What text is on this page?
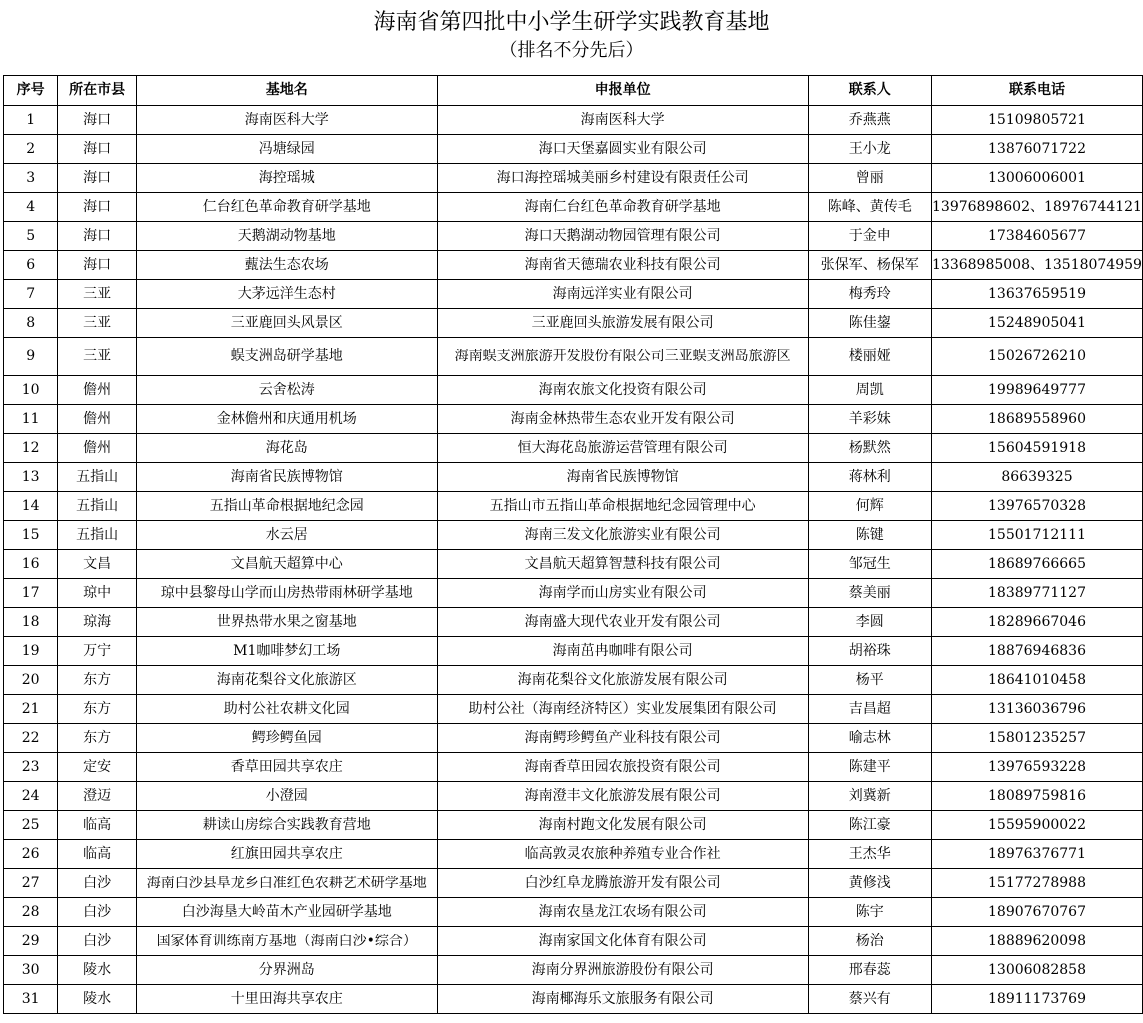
海南省第四批中小学生研学实践教育基地
（排名不分先后）
序号	所在市县	基地名	申报单位	联系人	联系电话
1	海口	海南医科大学	海南医科大学	乔燕燕	15109805721
2	海口	冯塘绿园	海口天堡嘉圆实业有限公司	王小龙	13876071722
3	海口	海控瑶城	海口海控瑶城美丽乡村建设有限责任公司	曾丽	13006006001
4	海口	仁台红色革命教育研学基地	海南仁台红色革命教育研学基地	陈峰、黄传毛	13976898602、18976744121
5	海口	天鹅湖动物基地	海口天鹅湖动物园管理有限公司	于金申	17384605677
6	海口	薽法生态农场	海南省天德瑞农业科技有限公司	张保军、杨保军	13368985008、13518074959
7	三亚	大茅远洋生态村	海南远洋实业有限公司	梅秀玲	13637659519
8	三亚	三亚鹿回头风景区	三亚鹿回头旅游发展有限公司	陈佳鋆	15248905041
9	三亚	蜈支洲岛研学基地	海南蜈支洲旅游开发股份有限公司三亚蜈支洲岛旅游区	楼丽娅	15026726210
10	儋州	云舍松涛	海南农旅文化投资有限公司	周凯	19989649777
11	儋州	金林儋州和庆通用机场	海南金林热带生态农业开发有限公司	羊彩妹	18689558960
12	儋州	海花岛	恒大海花岛旅游运营管理有限公司	杨默然	15604591918
13	五指山	海南省民族博物馆	海南省民族博物馆	蒋林利	86639325
14	五指山	五指山革命根据地纪念园	五指山市五指山革命根据地纪念园管理中心	何辉	13976570328
15	五指山	水云居	海南三发文化旅游实业有限公司	陈键	15501712111
16	文昌	文昌航天超算中心	文昌航天超算智慧科技有限公司	邹冠生	18689766665
17	琼中	琼中县黎母山学而山房热带雨林研学基地	海南学而山房实业有限公司	蔡美丽	18389771127
18	琼海	世界热带水果之窗基地	海南盛大现代农业开发有限公司	李圆	18289667046
19	万宁	M1咖啡梦幻工场	海南茁冉咖啡有限公司	胡裕珠	18876946836
20	东方	海南花梨谷文化旅游区	海南花梨谷文化旅游发展有限公司	杨平	18641010458
21	东方	助村公社农耕文化园	助村公社（海南经济特区）实业发展集团有限公司	吉昌超	13136036796
22	东方	鳄珍鳄鱼园	海南鳄珍鳄鱼产业科技有限公司	喻志林	15801235257
23	定安	香草田园共享农庄	海南香草田园农旅投资有限公司	陈建平	13976593228
24	澄迈	小澄园	海南澄丰文化旅游发展有限公司	刘冀新	18089759816
25	临高	耕读山房综合实践教育营地	海南村跑文化发展有限公司	陈江豪	15595900022
26	临高	红旗田园共享农庄	临高敦灵农旅种养殖专业合作社	王杰华	18976376771
27	白沙	海南白沙县阜龙乡白准红色农耕艺术研学基地	白沙红阜龙腾旅游开发有限公司	黄修浅	15177278988
28	白沙	白沙海垦大岭苗木产业园研学基地	海南农垦龙江农场有限公司	陈宇	18907670767
29	白沙	国家体育训练南方基地（海南白沙•综合）	海南家国文化体育有限公司	杨治	18889620098
30	陵水	分界洲岛	海南分界洲旅游股份有限公司	邢春蕊	13006082858
31	陵水	十里田海共享农庄	海南椰海乐文旅服务有限公司	蔡兴有	18911173769
